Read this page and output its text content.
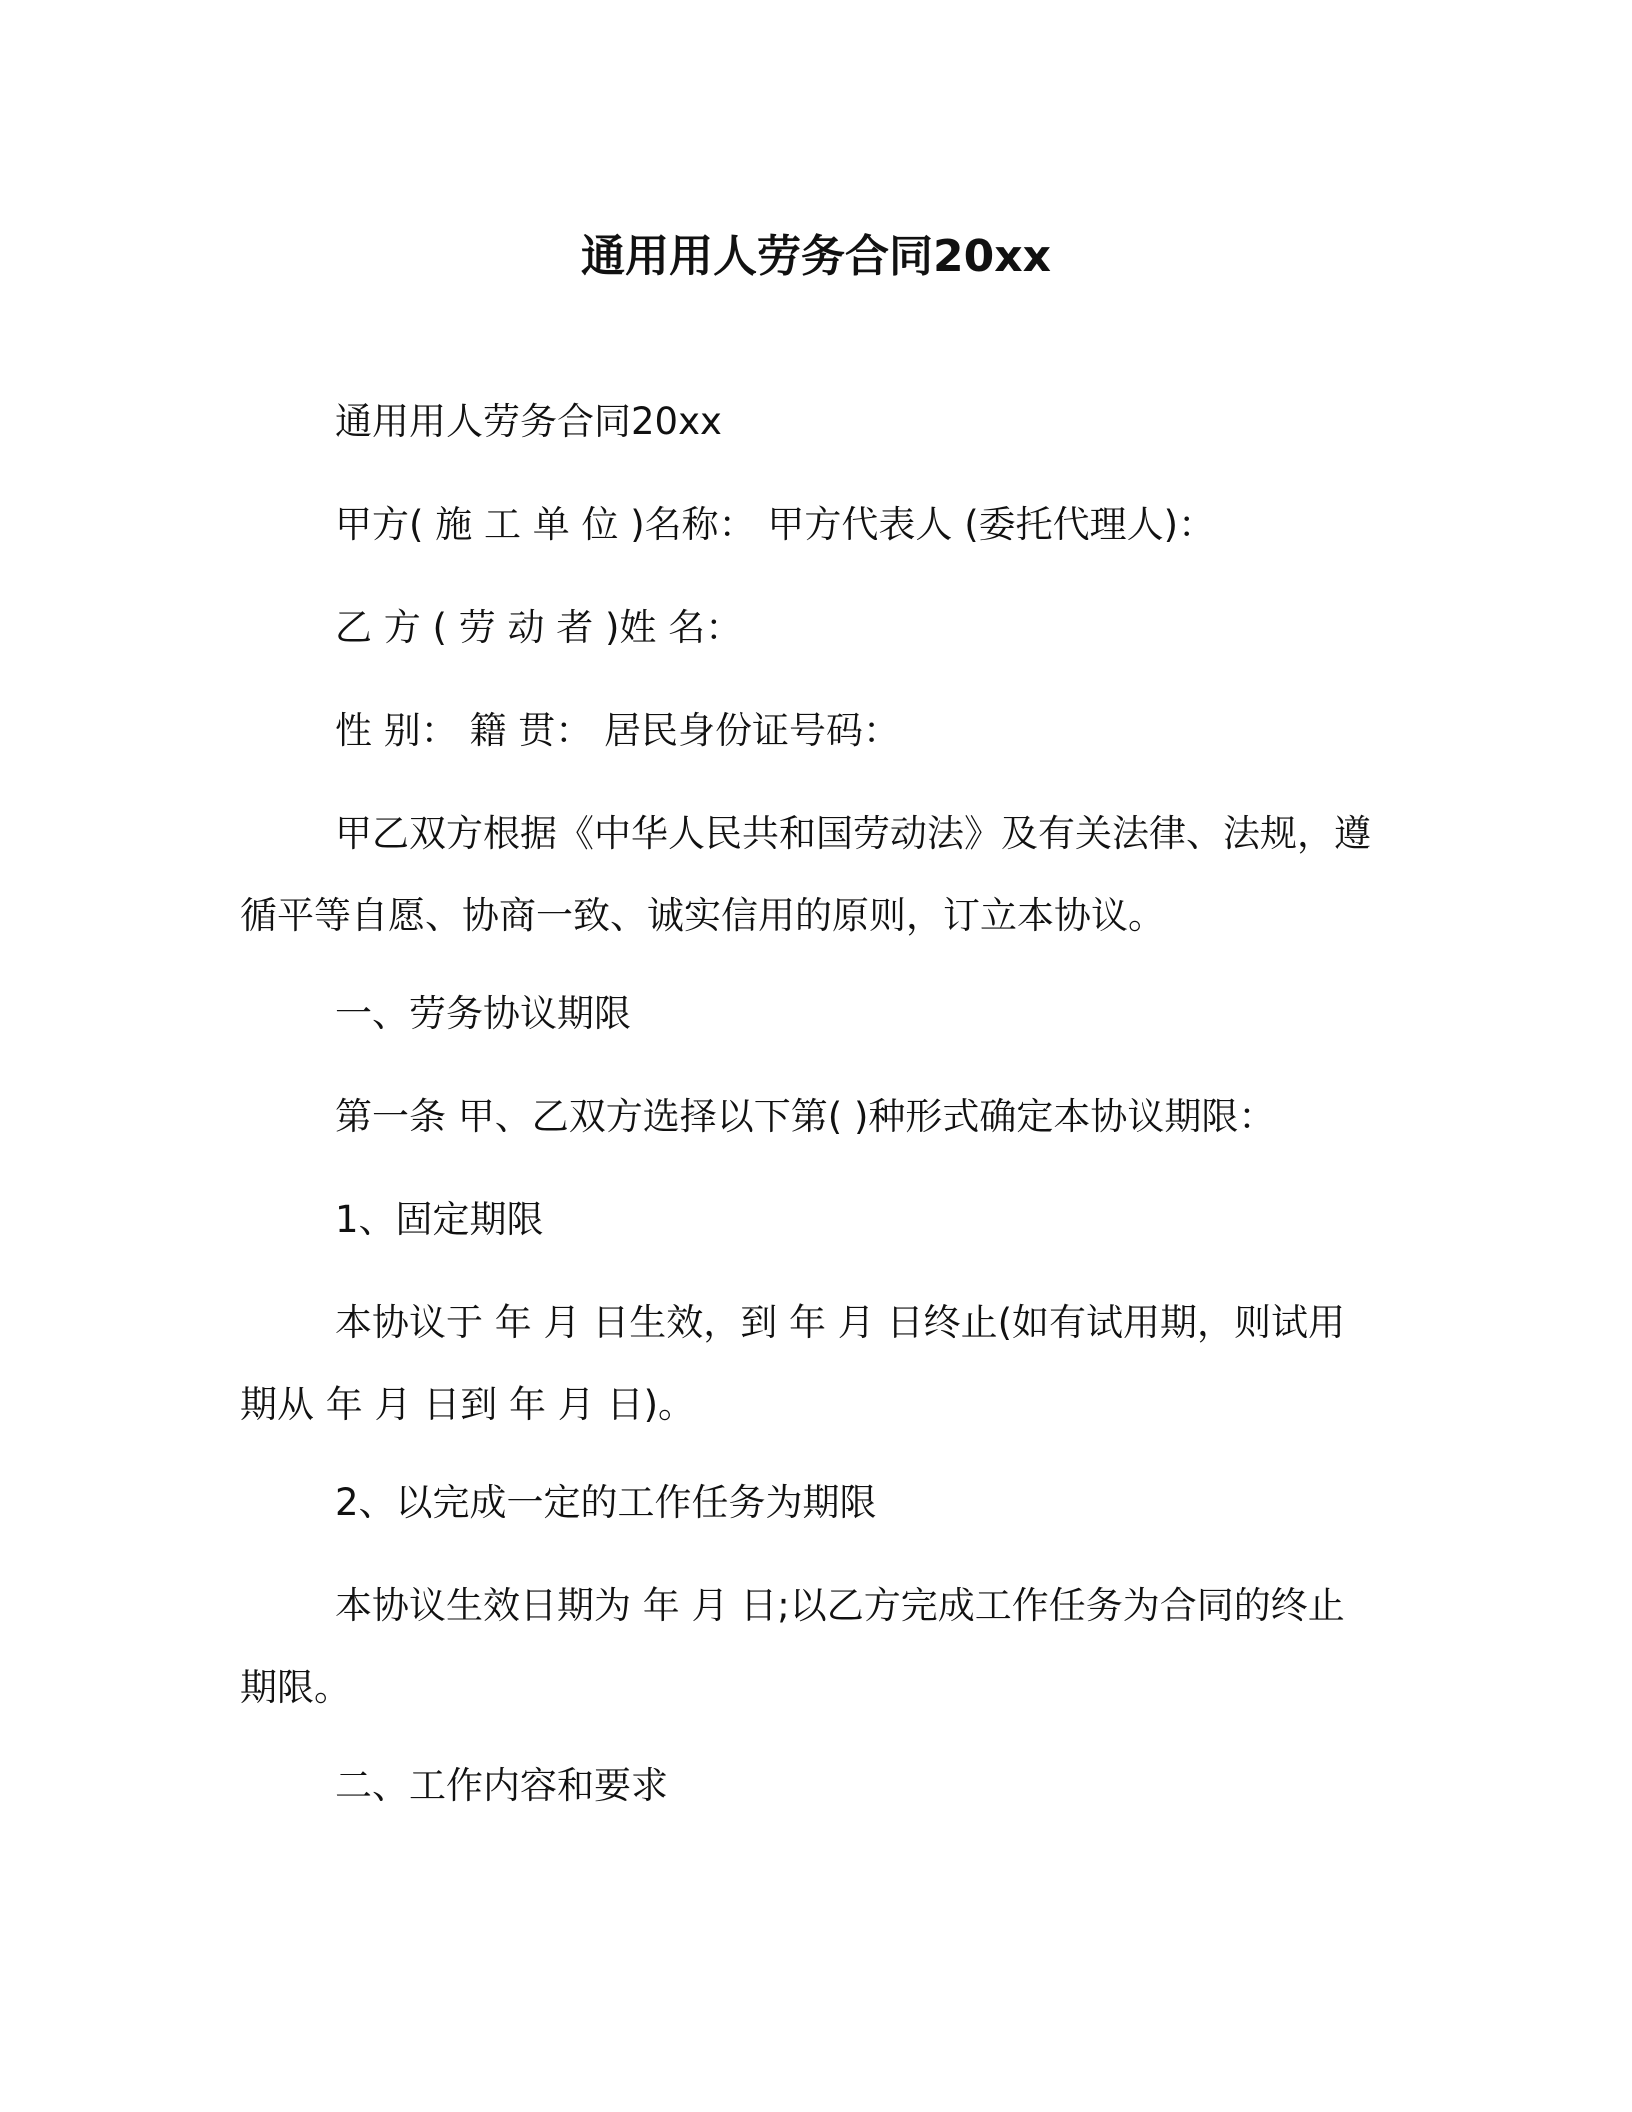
通用用人劳务合同20xx
通用用人劳务合同20xx
甲方( 施 工 单 位 )名称： 甲方代表人 (委托代理人)：
乙 方 ( 劳 动 者 )姓 名：
性 别： 籍 贯： 居民身份证号码：
甲乙双方根据《中华人民共和国劳动法》及有关法律、法规，遵循平等自愿、协商一致、诚实信用的原则，订立本协议。
一、劳务协议期限
第一条 甲、乙双方选择以下第( )种形式确定本协议期限：
1、固定期限
本协议于 年 月 日生效，到 年 月 日终止(如有试用期，则试用期从 年 月 日到 年 月 日)。
2、以完成一定的工作任务为期限
本协议生效日期为 年 月 日;以乙方完成工作任务为合同的终止期限。
二、工作内容和要求
